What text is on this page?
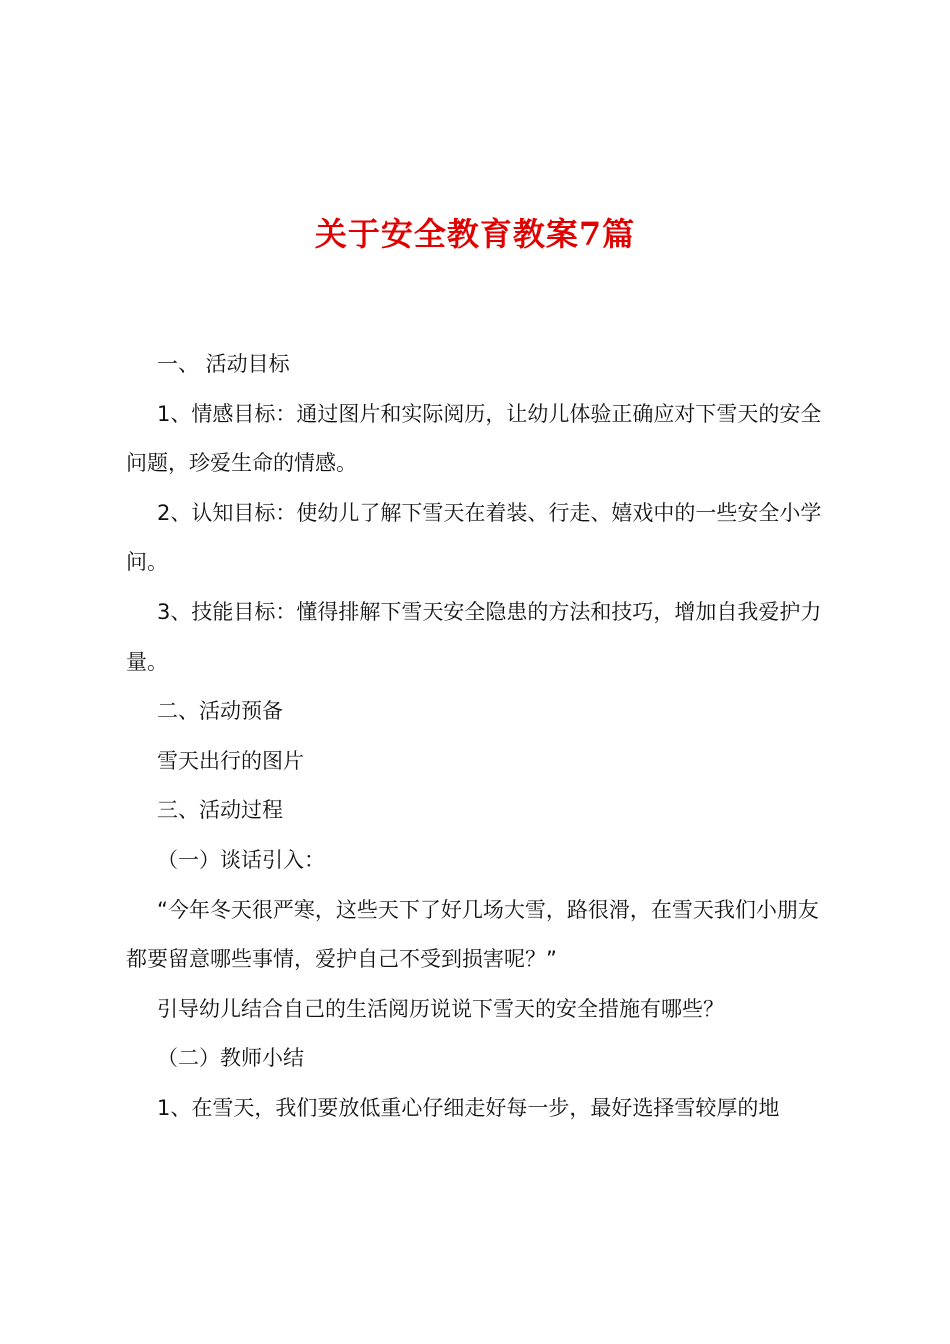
关于安全教育教案7篇

一、 活动目标

1、情感目标：通过图片和实际阅历，让幼儿体验正确应对下雪天的安全问题，珍爱生命的情感。

2、认知目标：使幼儿了解下雪天在着装、行走、嬉戏中的一些安全小学问。

3、技能目标：懂得排解下雪天安全隐患的方法和技巧，增加自我爱护力量。

二、活动预备

雪天出行的图片

三、活动过程

（一）谈话引入：

“今年冬天很严寒，这些天下了好几场大雪，路很滑，在雪天我们小朋友都要留意哪些事情，爱护自己不受到损害呢？”

引导幼儿结合自己的生活阅历说说下雪天的安全措施有哪些？

（二）教师小结

1、在雪天，我们要放低重心仔细走好每一步，最好选择雪较厚的地
